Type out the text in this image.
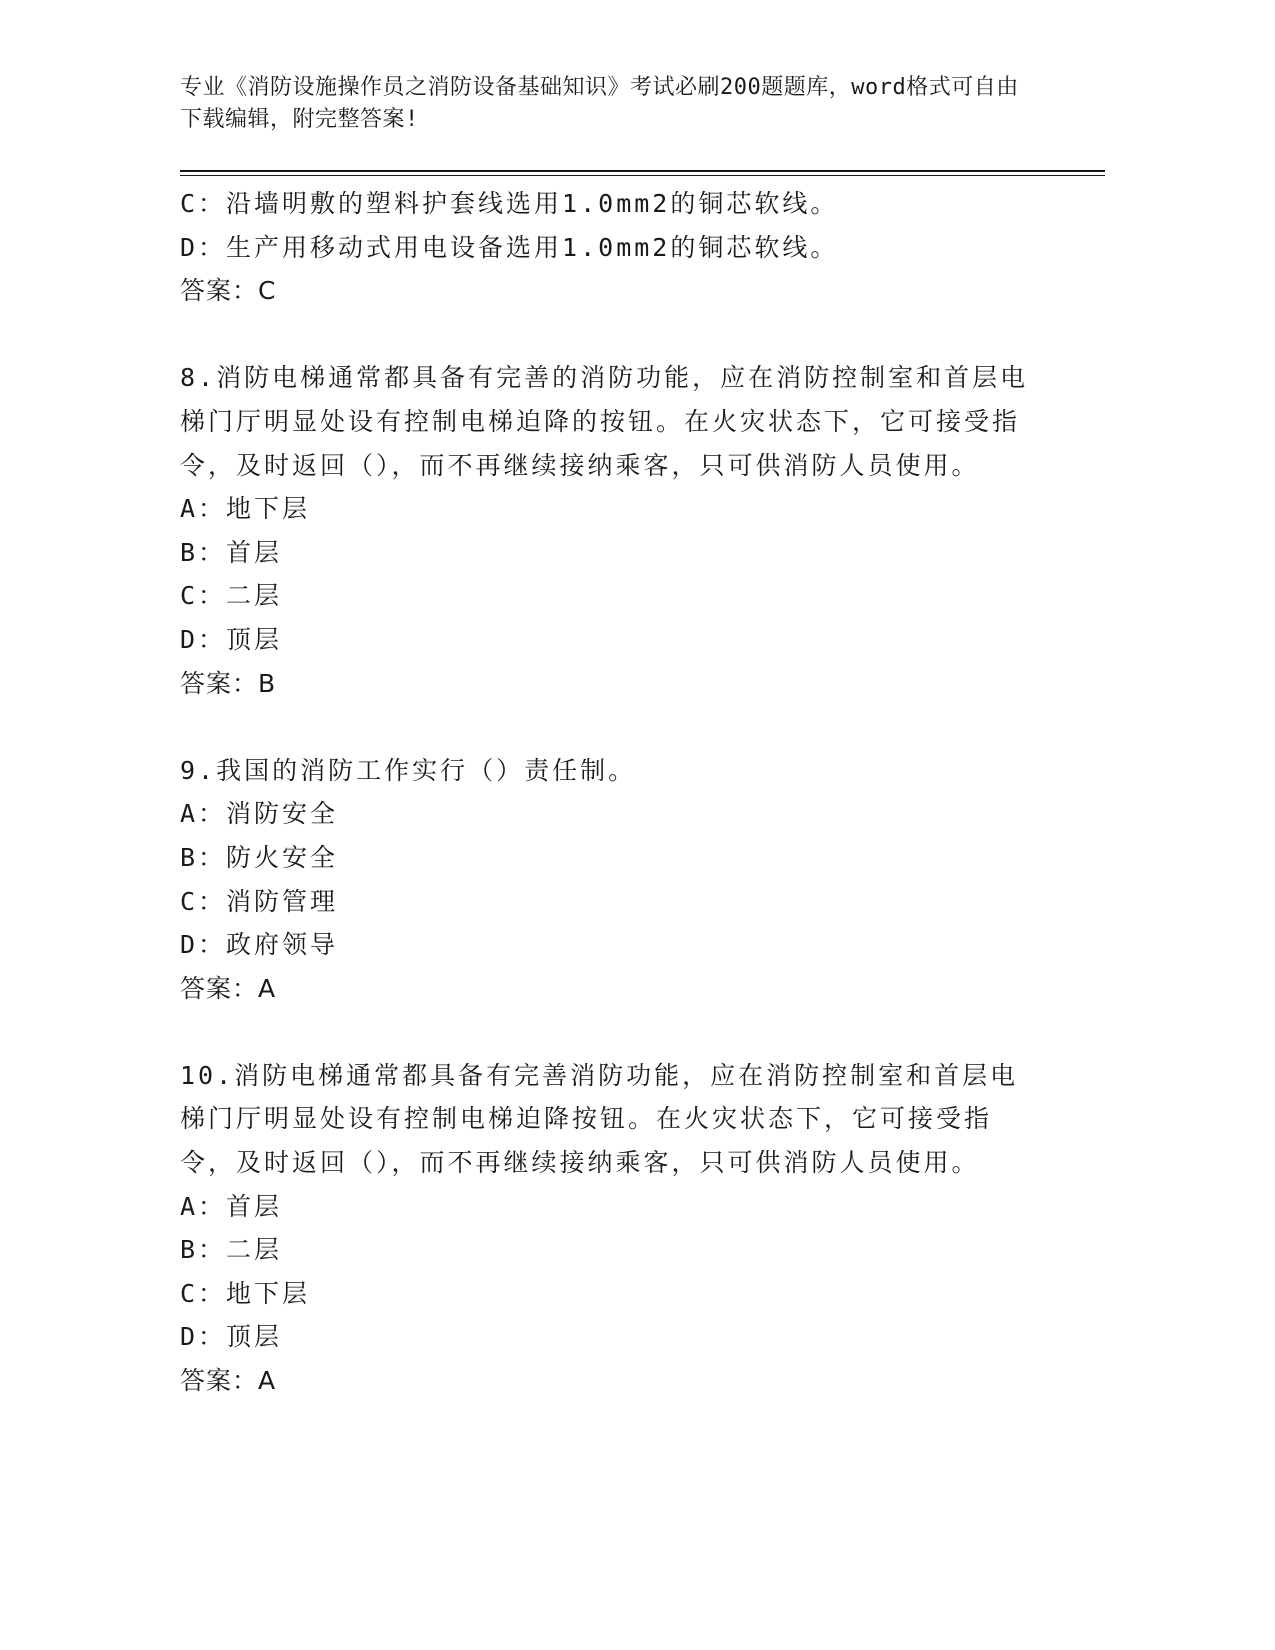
专业《消防设施操作员之消防设备基础知识》考试必刷200题题库，word格式可自由下载编辑，附完整答案!
C：沿墙明敷的塑料护套线选用1.0mm2的铜芯软线。
D：生产用移动式用电设备选用1.0mm2的铜芯软线。
答案：C
8.消防电梯通常都具备有完善的消防功能，应在消防控制室和首层电梯门厅明显处设有控制电梯迫降的按钮。在火灾状态下，它可接受指令，及时返回（），而不再继续接纳乘客，只可供消防人员使用。
A：地下层
B：首层
C：二层
D：顶层
答案：B
9.我国的消防工作实行（）责任制。
A：消防安全
B：防火安全
C：消防管理
D：政府领导
答案：A
10.消防电梯通常都具备有完善消防功能，应在消防控制室和首层电梯门厅明显处设有控制电梯迫降按钮。在火灾状态下，它可接受指令，及时返回（），而不再继续接纳乘客，只可供消防人员使用。
A：首层
B：二层
C：地下层
D：顶层
答案：A
